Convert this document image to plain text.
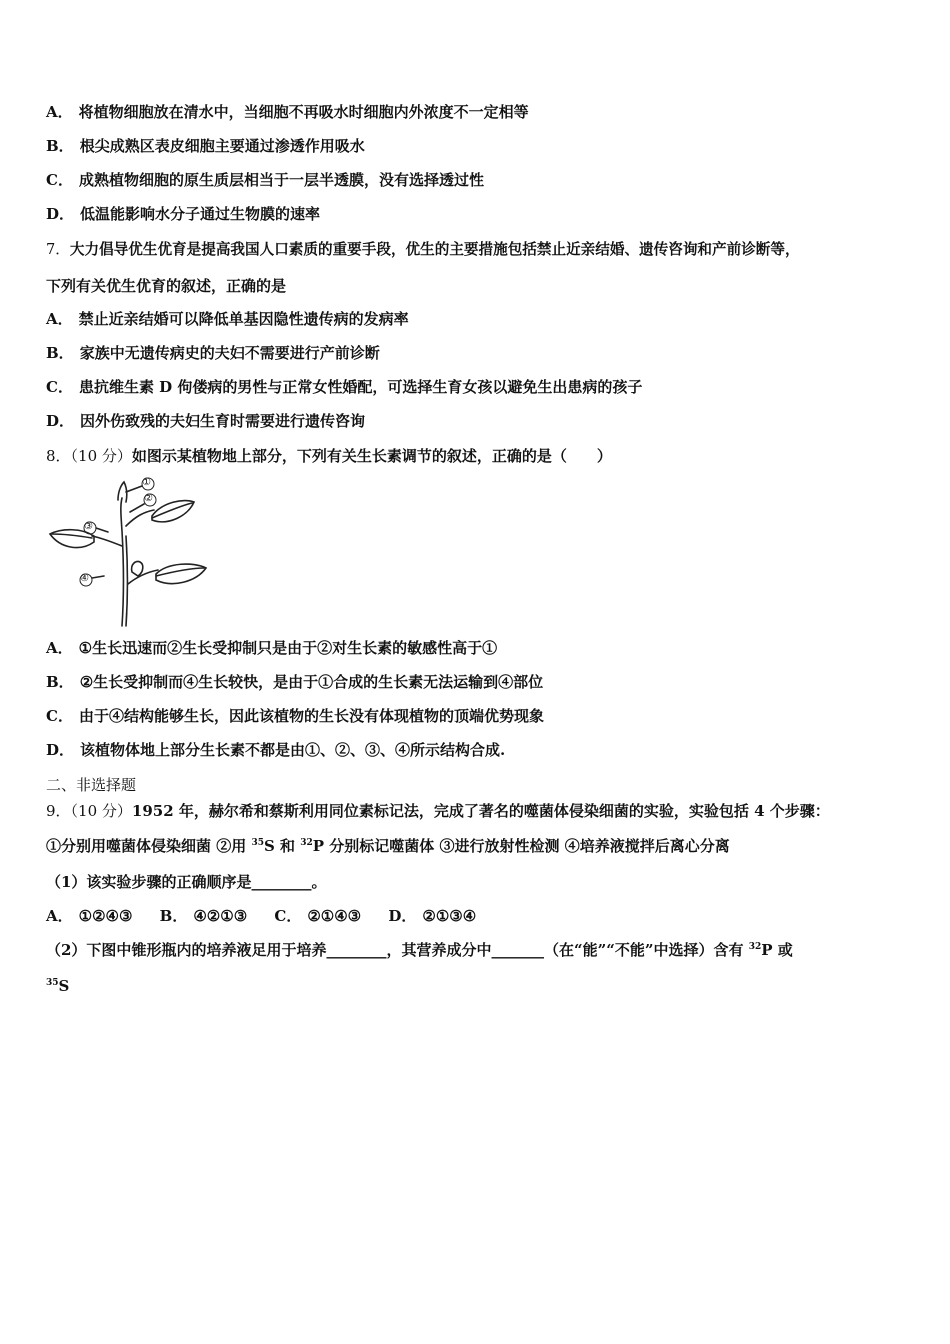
A． 将植物细胞放在清水中，当细胞不再吸水时细胞内外浓度不一定相等
B． 根尖成熟区表皮细胞主要通过渗透作用吸水
C． 成熟植物细胞的原生质层相当于一层半透膜，没有选择透过性
D． 低温能影响水分子通过生物膜的速率
7．大力倡导优生优育是提高我国人口素质的重要手段，优生的主要措施包括禁止近亲结婚、遗传咨询和产前诊断等，
下列有关优生优育的叙述，正确的是
A． 禁止近亲结婚可以降低单基因隐性遗传病的发病率
B． 家族中无遗传病史的夫妇不需要进行产前诊断
C． 患抗维生素 D 佝偻病的男性与正常女性婚配，可选择生育女孩以避免生出患病的孩子
D． 因外伤致残的夫妇生育时需要进行遗传咨询
8．（10 分）如图示某植物地上部分，下列有关生长素调节的叙述，正确的是（　　）
①
②
③
④
A． ①生长迅速而②生长受抑制只是由于②对生长素的敏感性高于①
B． ②生长受抑制而④生长较快，是由于①合成的生长素无法运输到④部位
C． 由于④结构能够生长，因此该植物的生长没有体现植物的顶端优势现象
D． 该植物体地上部分生长素不都是由①、②、③、④所示结构合成.
二、非选择题
9．（10 分）1952 年，赫尔希和蔡斯利用同位素标记法，完成了著名的噬菌体侵染细菌的实验，实验包括 4 个步骤：
①分别用噬菌体侵染细菌 ②用 $^{35}$S 和 $^{32}$P 分别标记噬菌体 ③进行放射性检测 ④培养液搅拌后离心分离
（1）该实验步骤的正确顺序是________。
A． ①②④③ B． ④②①③ C． ②①④③ D． ②①③④
（2）下图中锥形瓶内的培养液足用于培养________，其营养成分中_______（在“能”“不能”中选择）含有 $^{32}$P 或
$^{35}$S
